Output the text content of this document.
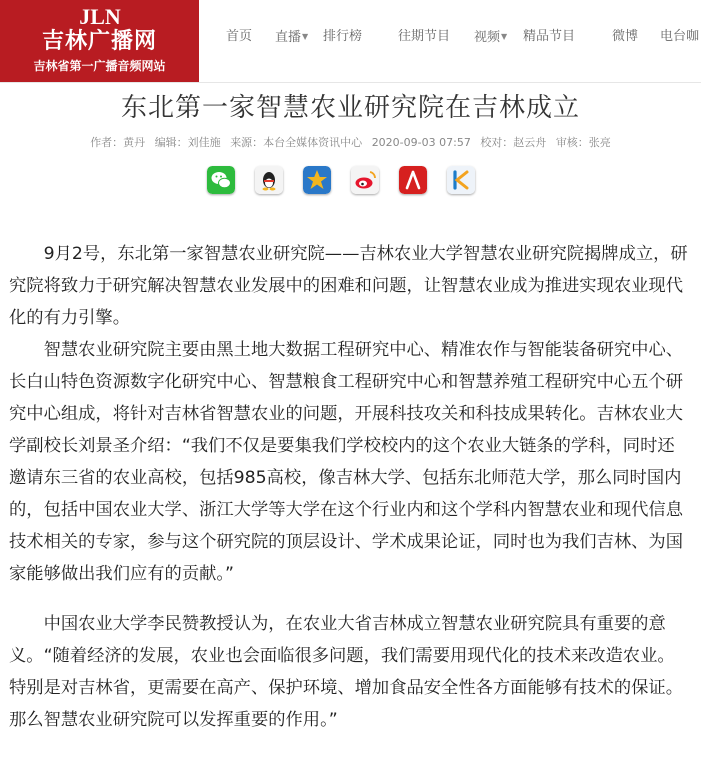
JLN
吉林广播网
吉林省第一广播音频网站
首页 直播▼ 排行榜	往期节目 视频▼ 精品节目	微博 电台咖
东北第一家智慧农业研究院在吉林成立
作者：黄丹 编辑：刘佳施 来源：本台全媒体资讯中心 2020-09-03 07:57 校对：赵云舟 审核：张亮

9月2号，东北第一家智慧农业研究院——吉林农业大学智慧农业研究院揭牌成立，研究院将致力于研究解决智慧农业发展中的困难和问题，让智慧农业成为推进实现农业现代化的有力引擎。

智慧农业研究院主要由黑土地大数据工程研究中心、精准农作与智能装备研究中心、长白山特色资源数字化研究中心、智慧粮食工程研究中心和智慧养殖工程研究中心五个研究中心组成，将针对吉林省智慧农业的问题，开展科技攻关和科技成果转化。吉林农业大学副校长刘景圣介绍：“我们不仅是要集我们学校校内的这个农业大链条的学科，同时还邀请东三省的农业高校，包括985高校，像吉林大学、包括东北师范大学，那么同时国内的，包括中国农业大学、浙江大学等大学在这个行业内和这个学科内智慧农业和现代信息技术相关的专家，参与这个研究院的顶层设计、学术成果论证，同时也为我们吉林、为国家能够做出我们应有的贡献。”

中国农业大学李民赞教授认为，在农业大省吉林成立智慧农业研究院具有重要的意义。“随着经济的发展，农业也会面临很多问题，我们需要用现代化的技术来改造农业。特别是对吉林省，更需要在高产、保护环境、增加食品安全性各方面能够有技术的保证。那么智慧农业研究院可以发挥重要的作用。”
